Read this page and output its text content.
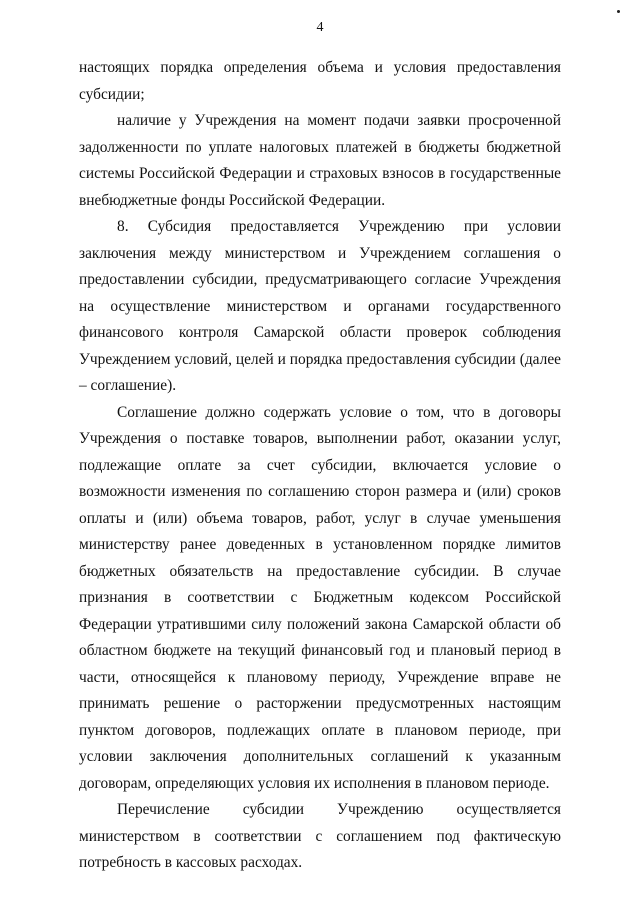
4

настоящих порядка определения объема и условия предоставления субсидии;

наличие у Учреждения на момент подачи заявки просроченной задолженности по уплате налоговых платежей в бюджеты бюджетной системы Российской Федерации и страховых взносов в государственные внебюджетные фонды Российской Федерации.

8. Субсидия предоставляется Учреждению при условии заключения между министерством и Учреждением соглашения о предоставлении субсидии, предусматривающего согласие Учреждения на осуществление министерством и органами государственного финансового контроля Самарской области проверок соблюдения Учреждением условий, целей и порядка предоставления субсидии (далее – соглашение).

Соглашение должно содержать условие о том, что в договоры Учреждения о поставке товаров, выполнении работ, оказании услуг, подлежащие оплате за счет субсидии, включается условие о возможности изменения по соглашению сторон размера и (или) сроков оплаты и (или) объема товаров, работ, услуг в случае уменьшения министерству ранее доведенных в установленном порядке лимитов бюджетных обязательств на предоставление субсидии. В случае признания в соответствии с Бюджетным кодексом Российской Федерации утратившими силу положений закона Самарской области об областном бюджете на текущий финансовый год и плановый период в части, относящейся к плановому периоду, Учреждение вправе не принимать решение о расторжении предусмотренных настоящим пунктом договоров, подлежащих оплате в плановом периоде, при условии заключения дополнительных соглашений к указанным договорам, определяющих условия их исполнения в плановом периоде.

Перечисление субсидии Учреждению осуществляется министерством в соответствии с соглашением под фактическую потребность в кассовых расходах.
